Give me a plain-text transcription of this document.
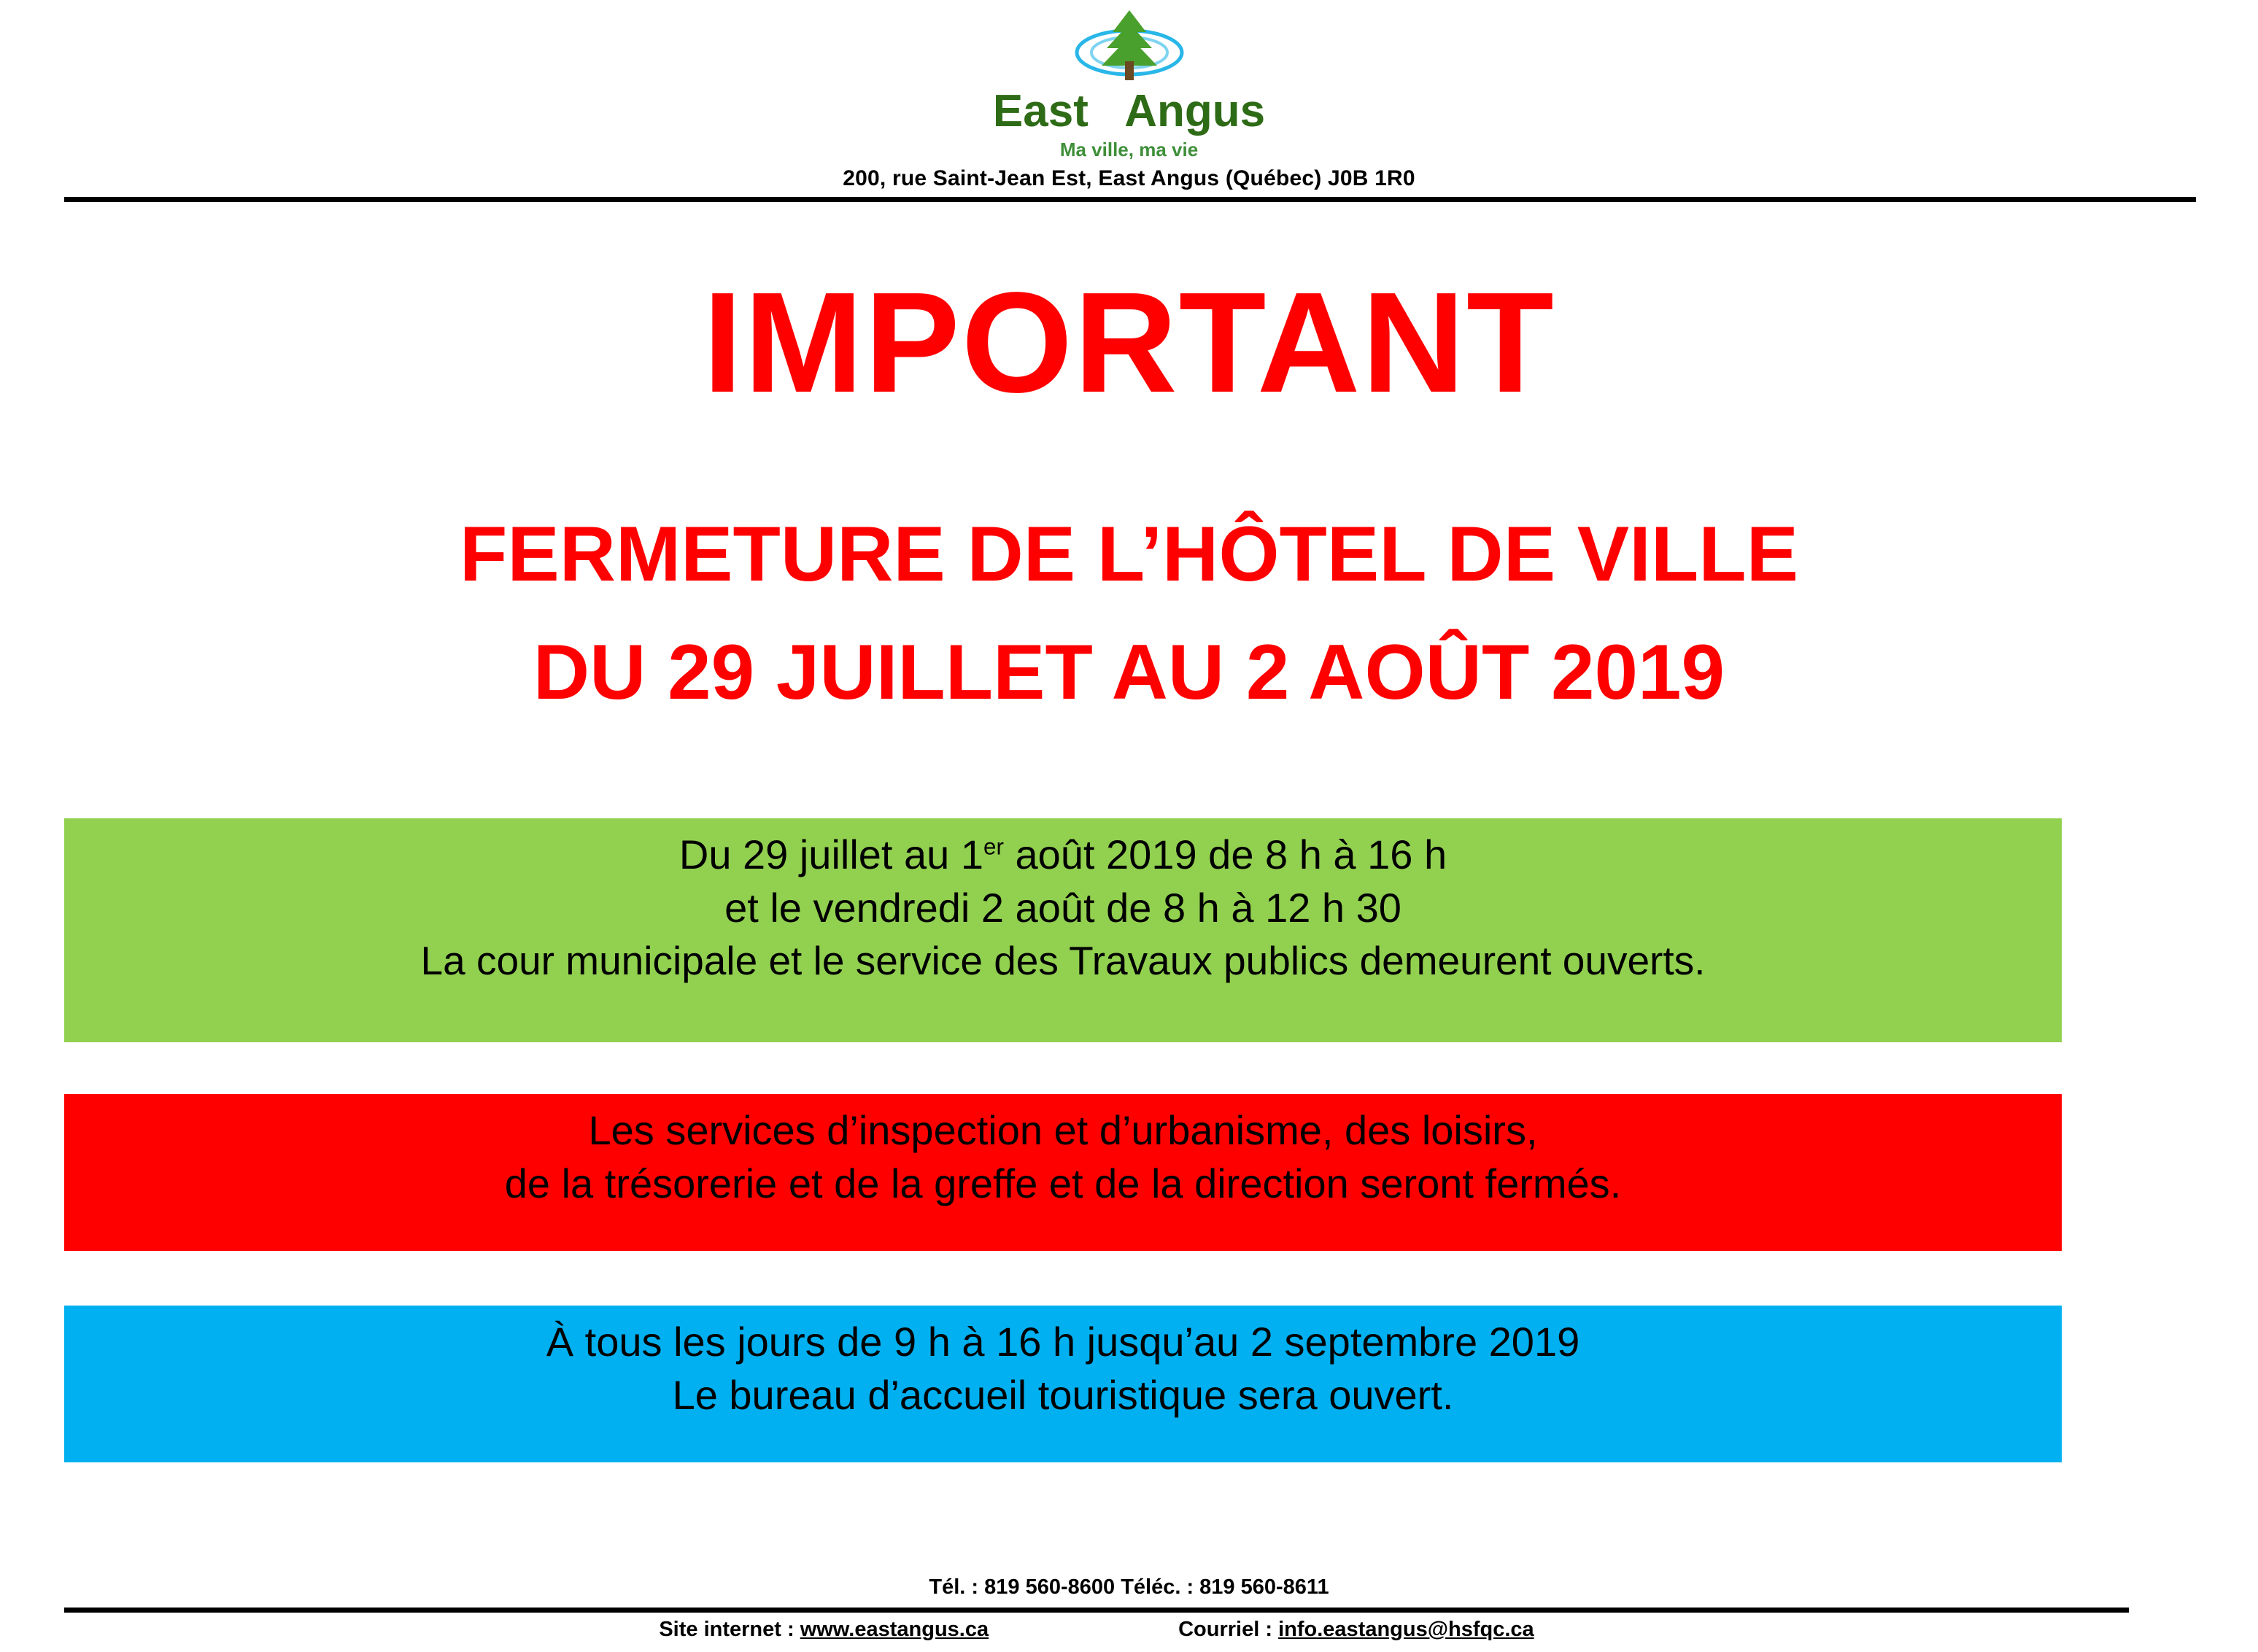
East Angus
Ma ville, ma vie
200, rue Saint-Jean Est, East Angus (Québec) J0B 1R0
IMPORTANT
FERMETURE DE L’HÔTEL DE VILLE
DU 29 JUILLET AU 2 AOÛT 2019
Du 29 juillet au 1er août 2019 de 8 h à 16 h
et le vendredi 2 août de 8 h à 12 h 30
La cour municipale et le service des Travaux publics demeurent ouverts.
Les services d’inspection et d’urbanisme, des loisirs,
de la trésorerie et de la greffe et de la direction seront fermés.
À tous les jours de 9 h à 16 h jusqu’au 2 septembre 2019
Le bureau d’accueil touristique sera ouvert.
Tél. : 819 560-8600 Téléc. : 819 560-8611
Site internet : www.eastangus.ca	Courriel : info.eastangus@hsfqc.ca
